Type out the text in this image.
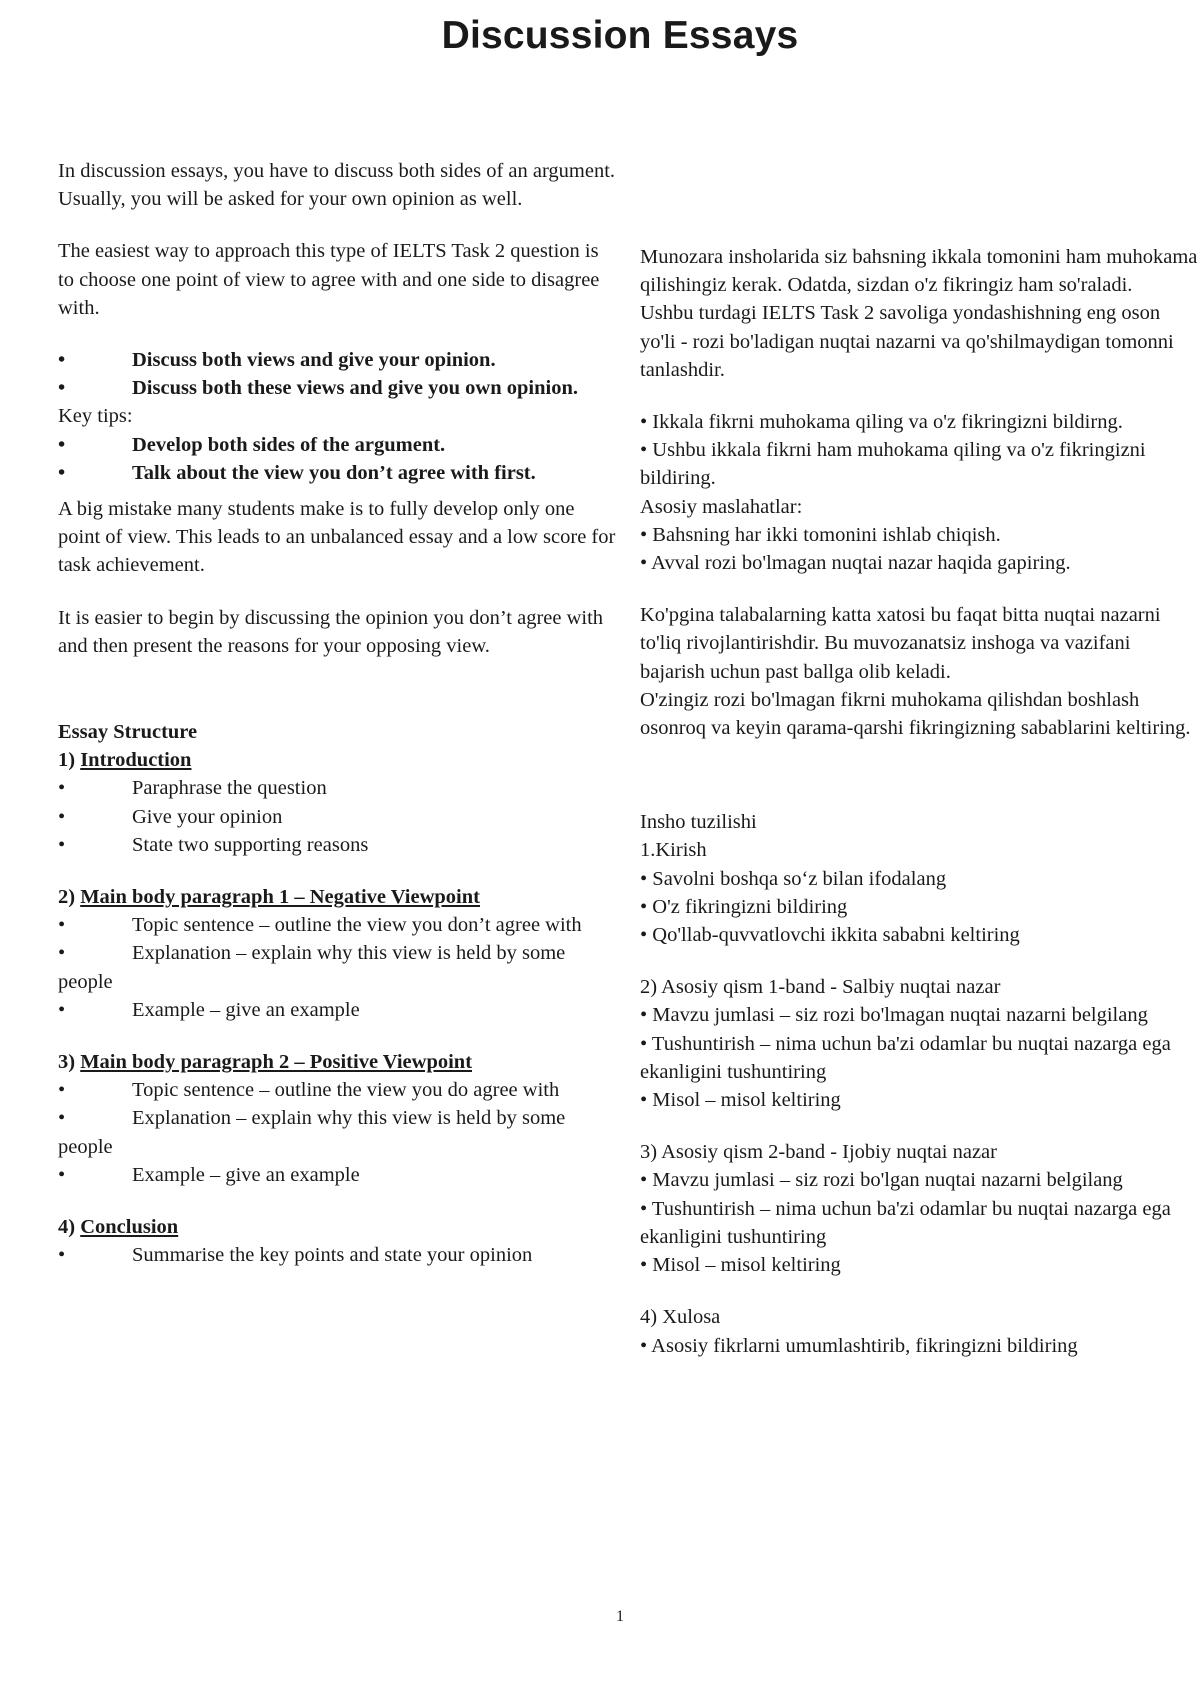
Discussion Essays

In discussion essays, you have to discuss both sides of an argument. Usually, you will be asked for your own opinion as well.

The easiest way to approach this type of IELTS Task 2 question is to choose one point of view to agree with and one side to disagree with.

•	Discuss both views and give your opinion.
•	Discuss both these views and give you own opinion.

Key tips:

•	Develop both sides of the argument.
•	Talk about the view you don’t agree with first.

A big mistake many students make is to fully develop only one point of view. This leads to an unbalanced essay and a low score for task achievement.

It is easier to begin by discussing the opinion you don’t agree with and then present the reasons for your opposing view.

Essay Structure

1) Introduction

•	Paraphrase the question
•	Give your opinion
•	State two supporting reasons

2) Main body paragraph 1 – Negative Viewpoint

•	Topic sentence – outline the view you don’t agree with
•	Explanation – explain why this view is held by some people
•	Example – give an example

3) Main body paragraph 2 – Positive Viewpoint

•	Topic sentence – outline the view you do agree with
•	Explanation – explain why this view is held by some people
•	Example – give an example

4) Conclusion

•	Summarise the key points and state your opinion

Munozara insholarida siz bahsning ikkala tomonini ham muhokama qilishingiz kerak. Odatda, sizdan o'z fikringiz ham so'raladi.

Ushbu turdagi IELTS Task 2 savoliga yondashishning eng oson yo'li - rozi bo'ladigan nuqtai nazarni va qo'shilmaydigan tomonni tanlashdir.

• Ikkala fikrni muhokama qiling va o'z fikringizni bildirng.

• Ushbu ikkala fikrni ham muhokama qiling va o'z fikringizni bildiring.

Asosiy maslahatlar:

• Bahsning har ikki tomonini ishlab chiqish.

• Avval rozi bo'lmagan nuqtai nazar haqida gapiring.

Ko'pgina talabalarning katta xatosi bu faqat bitta nuqtai nazarni to'liq rivojlantirishdir. Bu muvozanatsiz inshoga va vazifani bajarish uchun past ballga olib keladi.

O'zingiz rozi bo'lmagan fikrni muhokama qilishdan boshlash osonroq va keyin qarama-qarshi fikringizning sabablarini keltiring.

Insho tuzilishi

1.Kirish

• Savolni boshqa so‘z bilan ifodalang

• O'z fikringizni bildiring

• Qo'llab-quvvatlovchi ikkita sababni keltiring

2) Asosiy qism 1-band - Salbiy nuqtai nazar

• Mavzu jumlasi – siz rozi bo'lmagan nuqtai nazarni belgilang

• Tushuntirish – nima uchun ba'zi odamlar bu nuqtai nazarga ega ekanligini tushuntiring

• Misol – misol keltiring

3) Asosiy qism 2-band - Ijobiy nuqtai nazar

• Mavzu jumlasi – siz rozi bo'lgan nuqtai nazarni belgilang

• Tushuntirish – nima uchun ba'zi odamlar bu nuqtai nazarga ega ekanligini tushuntiring

• Misol – misol keltiring

4) Xulosa

• Asosiy fikrlarni umumlashtirib, fikringizni bildiring

1
